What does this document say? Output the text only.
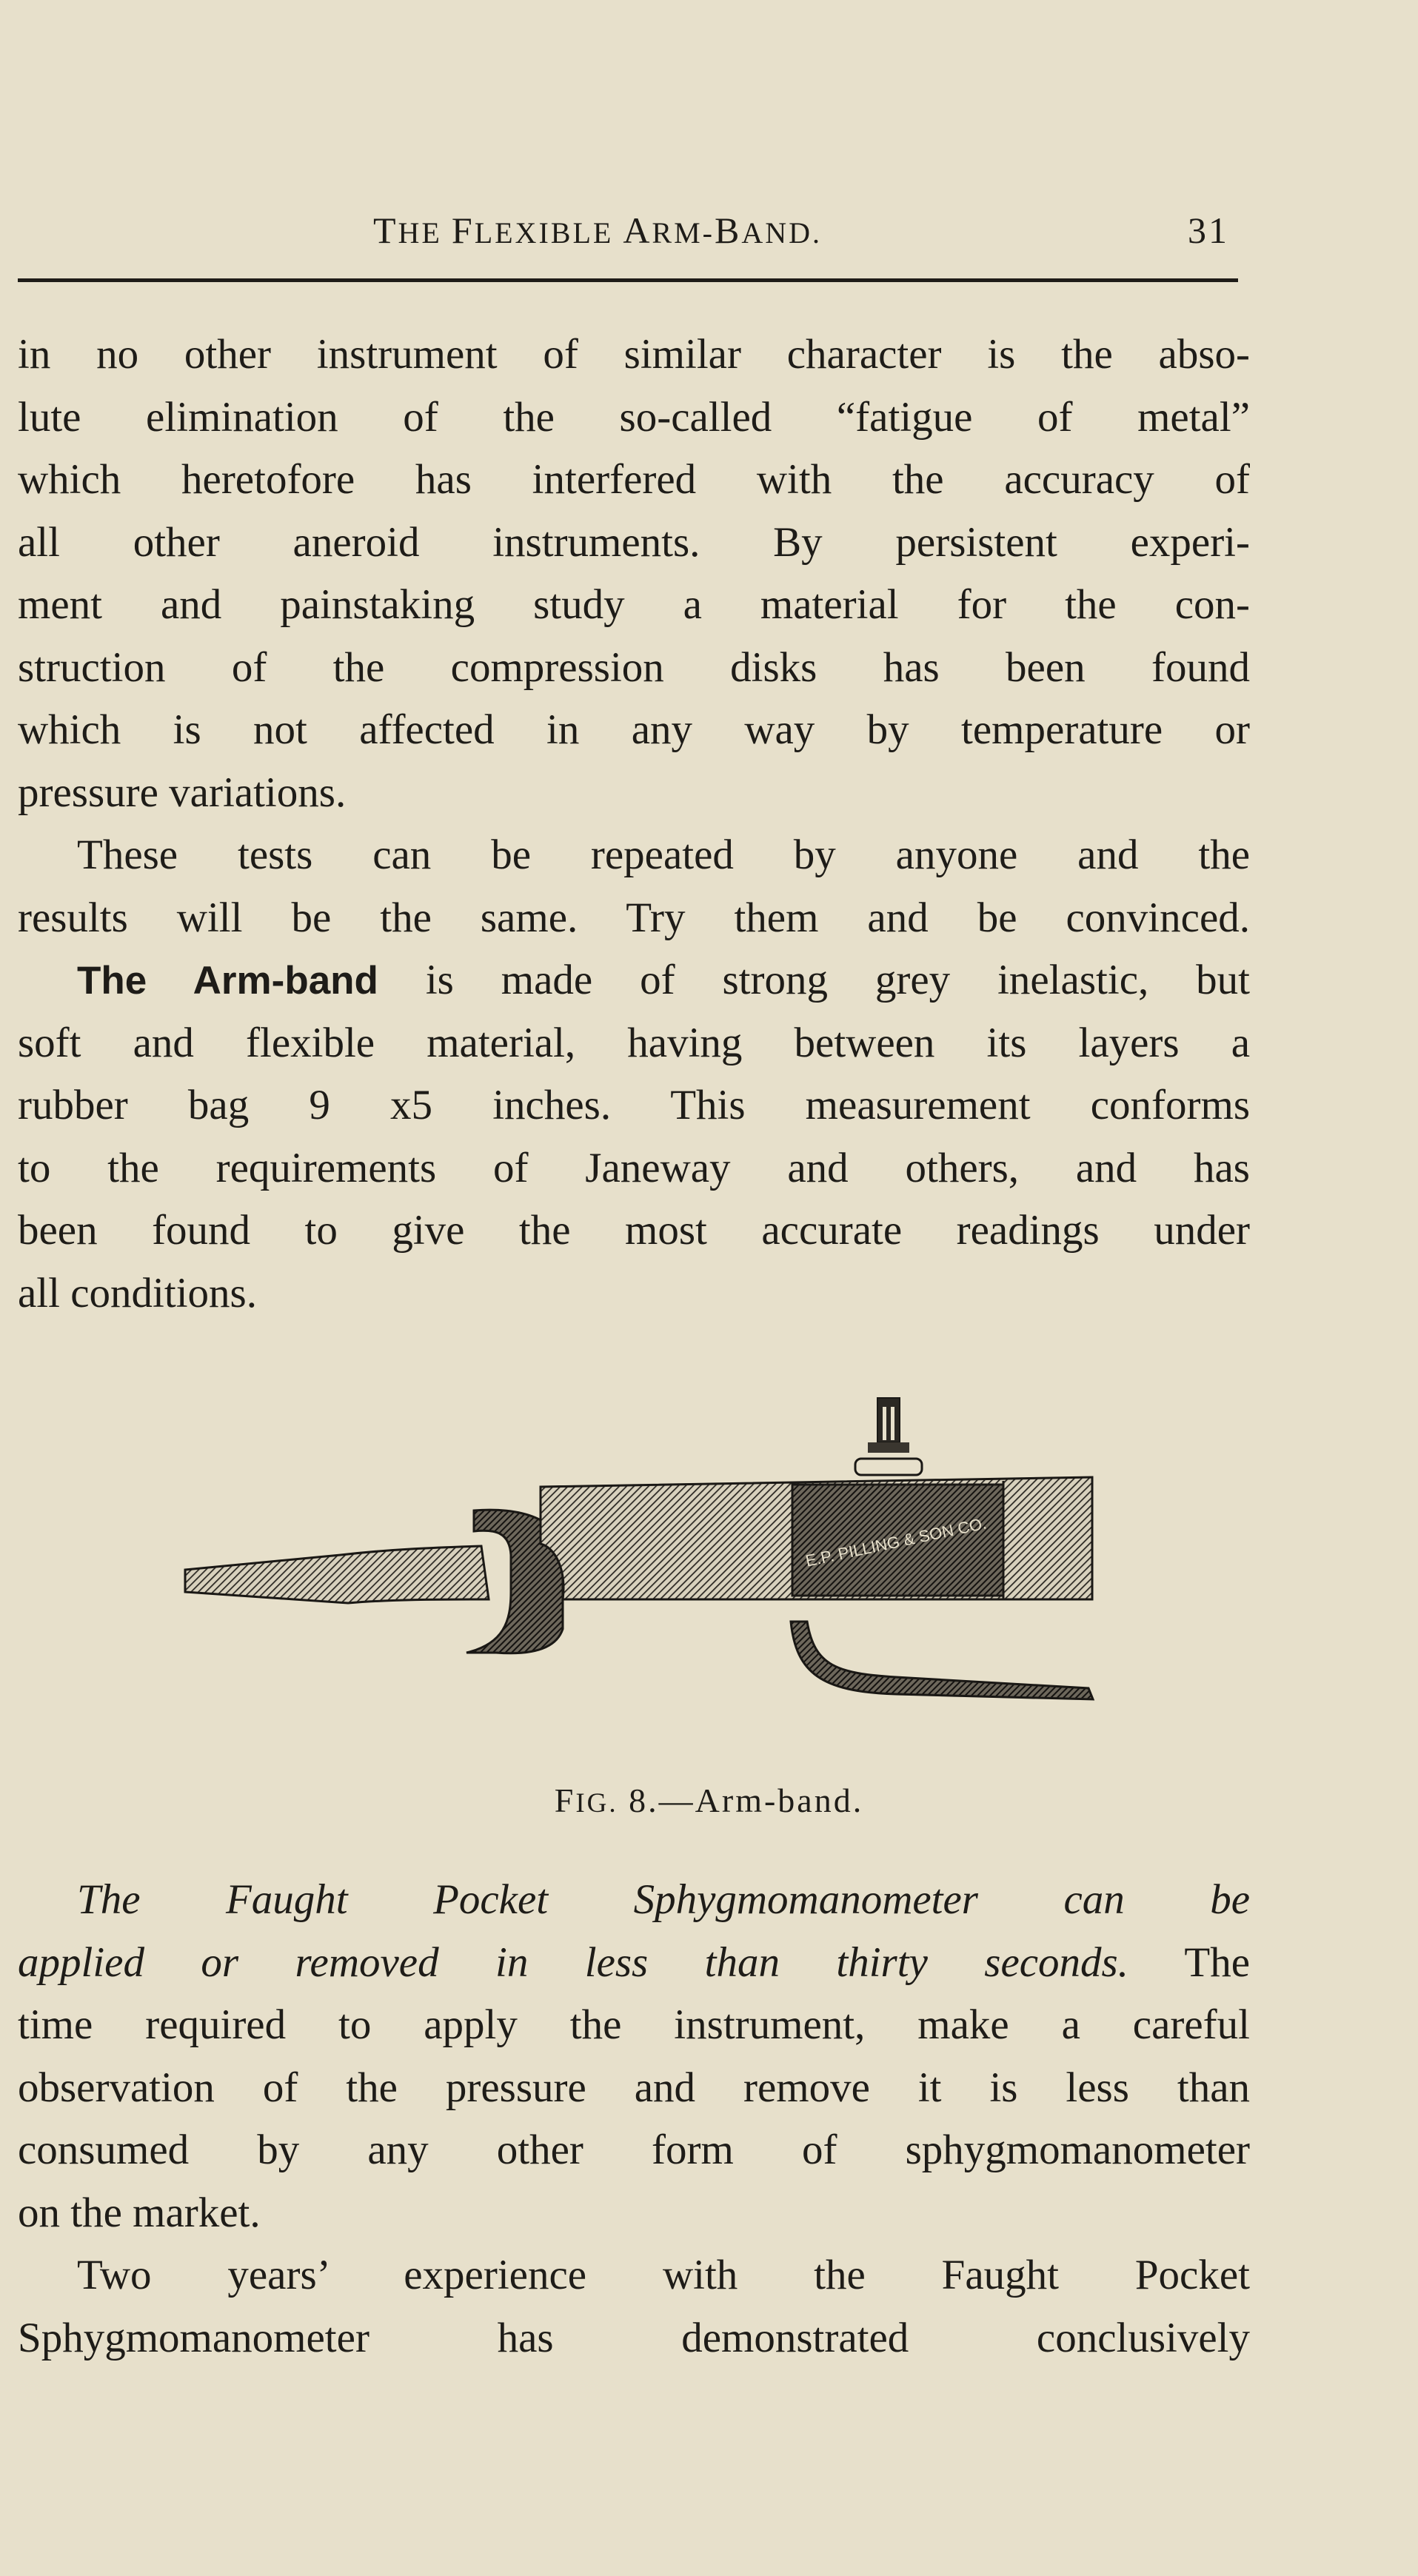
THE FLEXIBLE ARM-BAND.	31
in no other instrument of similar character is the abso-
lute elimination of the so-called “fatigue of metal”
which heretofore has interfered with the accuracy of
all other aneroid instruments. By persistent experi-
ment and painstaking study a material for the con-
struction of the compression disks has been found
which is not affected in any way by temperature or
pressure variations.
These tests can be repeated by anyone and the
results will be the same. Try them and be convinced.
The Arm-band is made of strong grey inelastic, but
soft and flexible material, having between its layers a
rubber bag 9 x5 inches. This measurement conforms
to the requirements of Janeway and others, and has
been found to give the most accurate readings under
all conditions.
E.P. PILLING & SON CO.
FIG. 8.—Arm-band.
The Faught Pocket Sphygmomanometer can be
applied or removed in less than thirty seconds. The
time required to apply the instrument, make a careful
observation of the pressure and remove it is less than
consumed by any other form of sphygmomanometer
on the market.
Two years’ experience with the Faught Pocket
Sphygmomanometer has demonstrated conclusively
